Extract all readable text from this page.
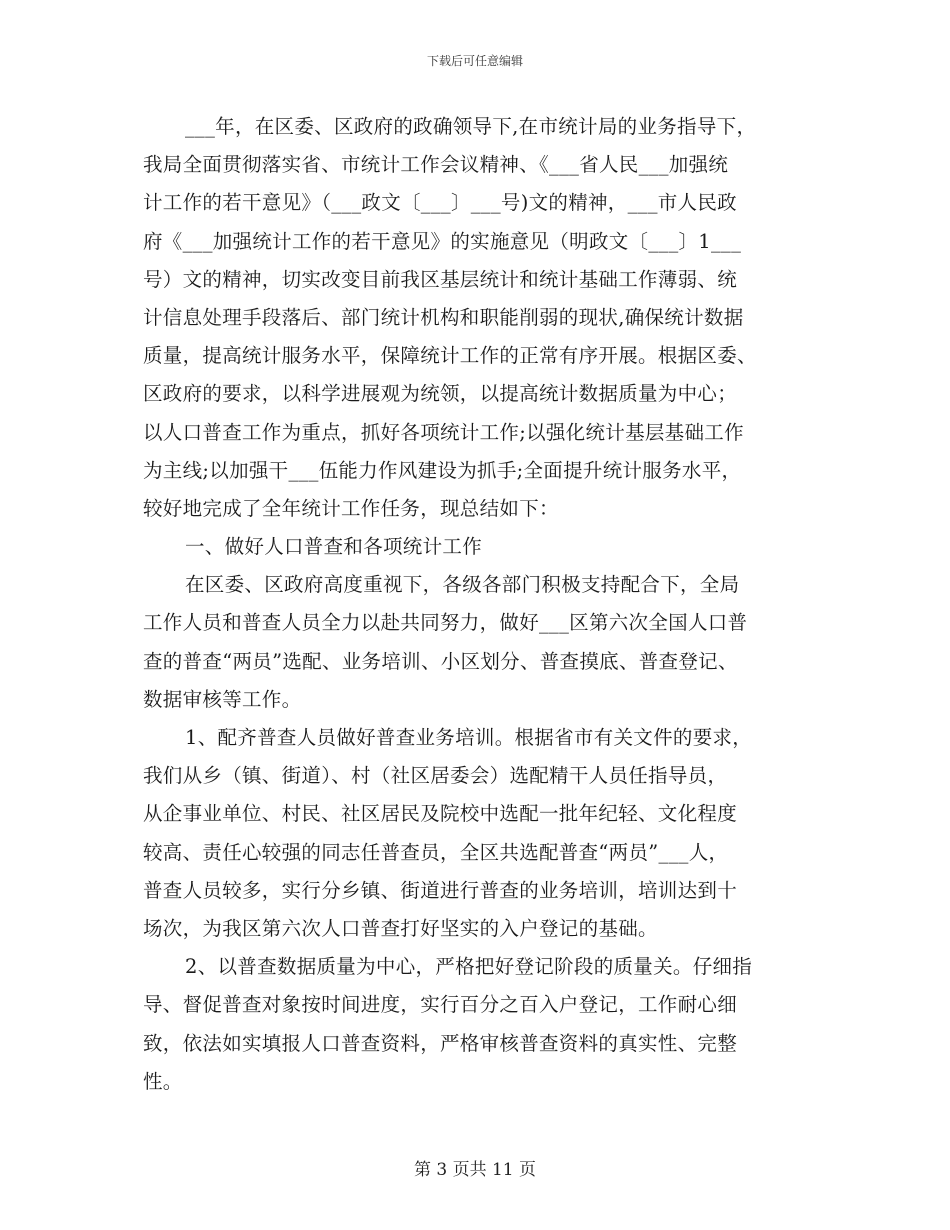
下载后可任意编辑
___年，在区委、区政府的政确领导下,在市统计局的业务指导下，
我局全面贯彻落实省、市统计工作会议精神、《___省人民___加强统
计工作的若干意见》（___政文〔___〕___号)文的精神，___市人民政
府《___加强统计工作的若干意见》的实施意见（明政文〔___〕1___
号）文的精神，切实改变目前我区基层统计和统计基础工作薄弱、统
计信息处理手段落后、部门统计机构和职能削弱的现状,确保统计数据
质量，提高统计服务水平，保障统计工作的正常有序开展。根据区委、
区政府的要求，以科学进展观为统领，以提高统计数据质量为中心；
以人口普查工作为重点，抓好各项统计工作;以强化统计基层基础工作
为主线;以加强干___伍能力作风建设为抓手;全面提升统计服务水平，
较好地完成了全年统计工作任务，现总结如下：
一、做好人口普查和各项统计工作
在区委、区政府高度重视下，各级各部门积极支持配合下，全局
工作人员和普查人员全力以赴共同努力，做好___区第六次全国人口普
查的普查“两员”选配、业务培训、小区划分、普查摸底、普查登记、
数据审核等工作。
1、配齐普查人员做好普查业务培训。根据省市有关文件的要求，
我们从乡（镇、街道）、村（社区居委会）选配精干人员任指导员，
从企事业单位、村民、社区居民及院校中选配一批年纪轻、文化程度
较高、责任心较强的同志任普查员，全区共选配普查“两员”___人，
普查人员较多，实行分乡镇、街道进行普查的业务培训，培训达到十
场次，为我区第六次人口普查打好坚实的入户登记的基础。
2、以普查数据质量为中心，严格把好登记阶段的质量关。仔细指
导、督促普查对象按时间进度，实行百分之百入户登记，工作耐心细
致，依法如实填报人口普查资料，严格审核普查资料的真实性、完整
性。
第 3 页共 11 页
